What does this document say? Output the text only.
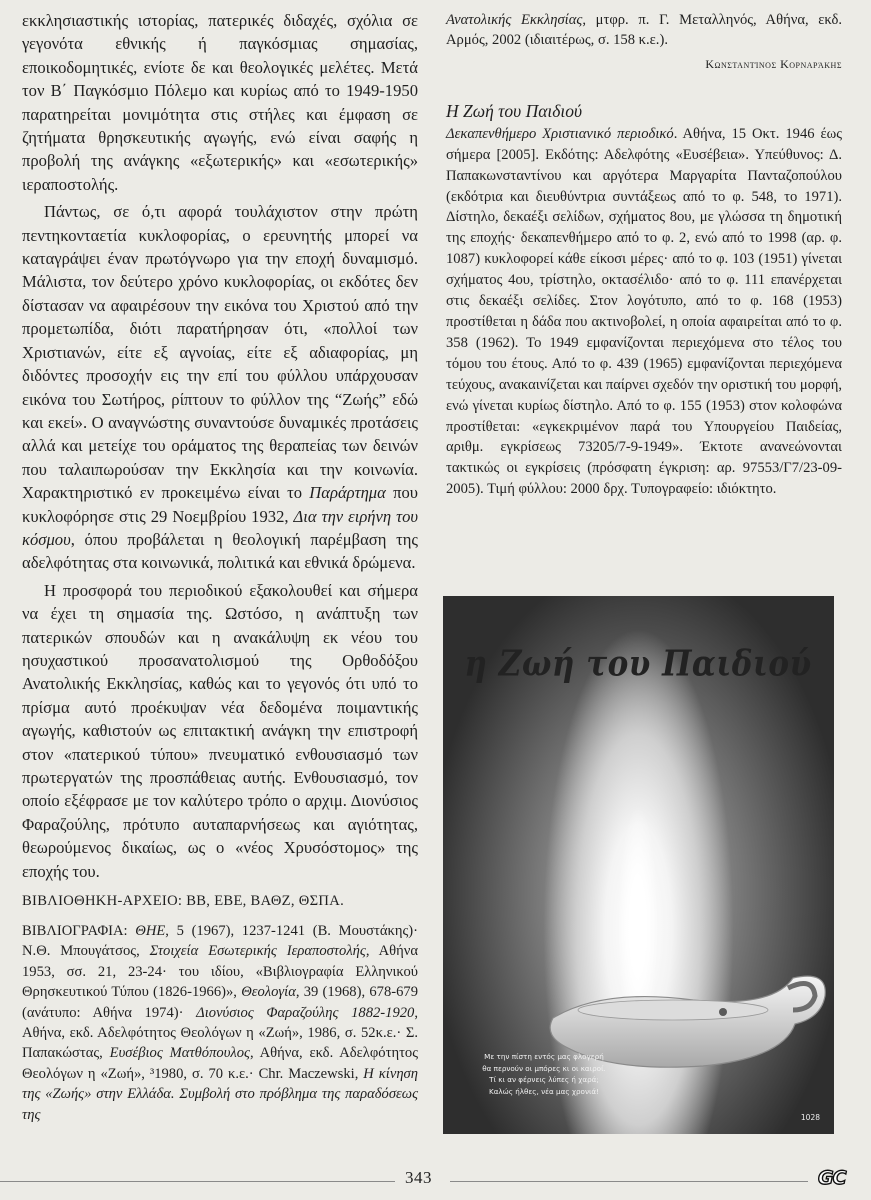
εκκλησιαστικής ιστορίας, πατερικές διδαχές, σχόλια σε γεγονότα εθνικής ή παγκόσμιας σημασίας, εποικοδομητικές, ενίοτε δε και θεολογικές μελέτες. Μετά τον Β΄ Παγκόσμιο Πόλεμο και κυρίως από το 1949-1950 παρατηρείται μονιμότητα στις στήλες και έμφαση σε ζητήματα θρησκευτικής αγωγής, ενώ είναι σαφής η προβολή της ανάγκης «εξωτερικής» και «εσωτερικής» ιεραποστολής.

Πάντως, σε ό,τι αφορά τουλάχιστον στην πρώτη πεντηκονταετία κυκλοφορίας, ο ερευνητής μπορεί να καταγράψει έναν πρωτόγνωρο για την εποχή δυναμισμό. Μάλιστα, τον δεύτερο χρόνο κυκλοφορίας, οι εκδότες δεν δίστασαν να αφαιρέσουν την εικόνα του Χριστού από την προμετωπίδα, διότι παρατήρησαν ότι, «πολλοί των Χριστιανών, είτε εξ αγνοίας, είτε εξ αδιαφορίας, μη διδόντες προσοχήν εις την επί του φύλλου υπάρχουσαν εικόνα του Σωτήρος, ρίπτουν το φύλλον της “Ζωής” εδώ και εκεί». Ο αναγνώστης συναντούσε δυναμικές προτάσεις αλλά και μετείχε του οράματος της θεραπείας των δεινών που ταλαιπωρούσαν την Εκκλησία και την κοινωνία. Χαρακτηριστικό εν προκειμένω είναι το Παράρτημα που κυκλοφόρησε στις 29 Νοεμβρίου 1932, Δια την ειρήνη του κόσμου, όπου προβάλεται η θεολογική παρέμβαση της αδελφότητας στα κοινωνικά, πολιτικά και εθνικά δρώμενα.

Η προσφορά του περιοδικού εξακολουθεί και σήμερα να έχει τη σημασία της. Ωστόσο, η ανάπτυξη των πατερικών σπουδών και η ανακάλυψη εκ νέου του ησυχαστικού προσανατολισμού της Ορθοδόξου Ανατολικής Εκκλησίας, καθώς και το γεγονός ότι υπό το πρίσμα αυτό προέκυψαν νέα δεδομένα ποιμαντικής αγωγής, καθιστούν ως επιτακτική ανάγκη την επιστροφή στον «πατερικού τύπου» πνευματικό ενθουσιασμό των πρωτεργατών της προσπάθειας αυτής. Ενθουσιασμό, τον οποίο εξέφρασε με τον καλύτερο τρόπο ο αρχιμ. Διονύσιος Φαραζούλης, πρότυπο αυταπαρνήσεως και αγιότητας, θεωρούμενος δικαίως, ως ο «νέος Χρυσόστομος» της εποχής του.

ΒΙΒΛΙΟΘΗΚΗ-ΑΡΧΕΙΟ: ΒΒ, ΕΒΕ, ΒΑΘΖ, ΘΣΠΑ.

ΒΙΒΛΙΟΓΡΑΦΙΑ: ΘΗΕ, 5 (1967), 1237-1241 (Β. Μουστάκης)· Ν.Θ. Μπουγάτσος, Στοιχεία Εσωτερικής Ιεραποστολής, Αθήνα 1953, σσ. 21, 23-24· του ιδίου, «Βιβλιογραφία Ελληνικού Θρησκευτικού Τύπου (1826-1966)», Θεολογία, 39 (1968), 678-679 (ανάτυπο: Αθήνα 1974)· Διονύσιος Φαραζούλης 1882-1920, Αθήνα, εκδ. Αδελφότητος Θεολόγων η «Ζωή», 1986, σ. 52κ.ε.· Σ. Παπακώστας, Ευσέβιος Ματθόπουλος, Αθήνα, εκδ. Αδελφότητος Θεολόγων η «Ζωή», ³1980, σ. 70 κ.ε.· Chr. Maczewski, Η κίνηση της «Ζωής» στην Ελλάδα. Συμβολή στο πρόβλημα της παραδόσεως της

Ανατολικής Εκκλησίας, μτφρ. π. Γ. Μεταλληνός, Αθήνα, εκδ. Αρμός, 2002 (ιδιαιτέρως, σ. 158 κ.ε.).

Κωνσταντίνος Κορναράκης

Η Ζωή του Παιδιού

Δεκαπενθήμερο Χριστιανικό περιοδικό. Αθήνα, 15 Οκτ. 1946 έως σήμερα [2005]. Εκδότης: Αδελφότης «Ευσέβεια». Υπεύθυνος: Δ. Παπακωνσταντίνου και αργότερα Μαργαρίτα Πανταζοπούλου (εκδότρια και διευθύντρια συντάξεως από το φ. 548, το 1971). Δίστηλο, δεκαέξι σελίδων, σχήματος 8ου, με γλώσσα τη δημοτική της εποχής· δεκαπενθήμερο από το φ. 2, ενώ από το 1998 (αρ. φ. 1087) κυκλοφορεί κάθε είκοσι μέρες· από το φ. 103 (1951) γίνεται σχήματος 4ου, τρίστηλο, οκτασέλιδο· από το φ. 111 επανέρχεται στις δεκαέξι σελίδες. Στον λογότυπο, από το φ. 168 (1953) προστίθεται η δάδα που ακτινοβολεί, η οποία αφαιρείται από το φ. 358 (1962). Το 1949 εμφανίζονται περιεχόμενα στο τέλος του τόμου του έτους. Από το φ. 439 (1965) εμφανίζονται περιεχόμενα τεύχους, ανακαινίζεται και παίρνει σχεδόν την οριστική του μορφή, ενώ γίνεται κυρίως δίστηλο. Από το φ. 155 (1953) στον κολοφώνα προστίθεται: «εγκεκριμένον παρά του Υπουργείου Παιδείας, αριθμ. εγκρίσεως 73205/7-9-1949». Έκτοτε ανανεώνονται τακτικώς οι εγκρίσεις (πρόσφατη έγκριση: αρ. 97553/Γ7/23-09-2005). Τιμή φύλλου: 2000 δρχ. Τυπογραφείο: ιδιόκτητο.

η Ζωή του Παιδιού
Με την πίστη εντός μας φλογερή
θα περνούν οι μπόρες κι οι καιροί.
Τί κι αν φέρνεις λύπες ή χαρά;
Καλώς ήλθες, νέα μας χρονιά!
1028
343	GC
